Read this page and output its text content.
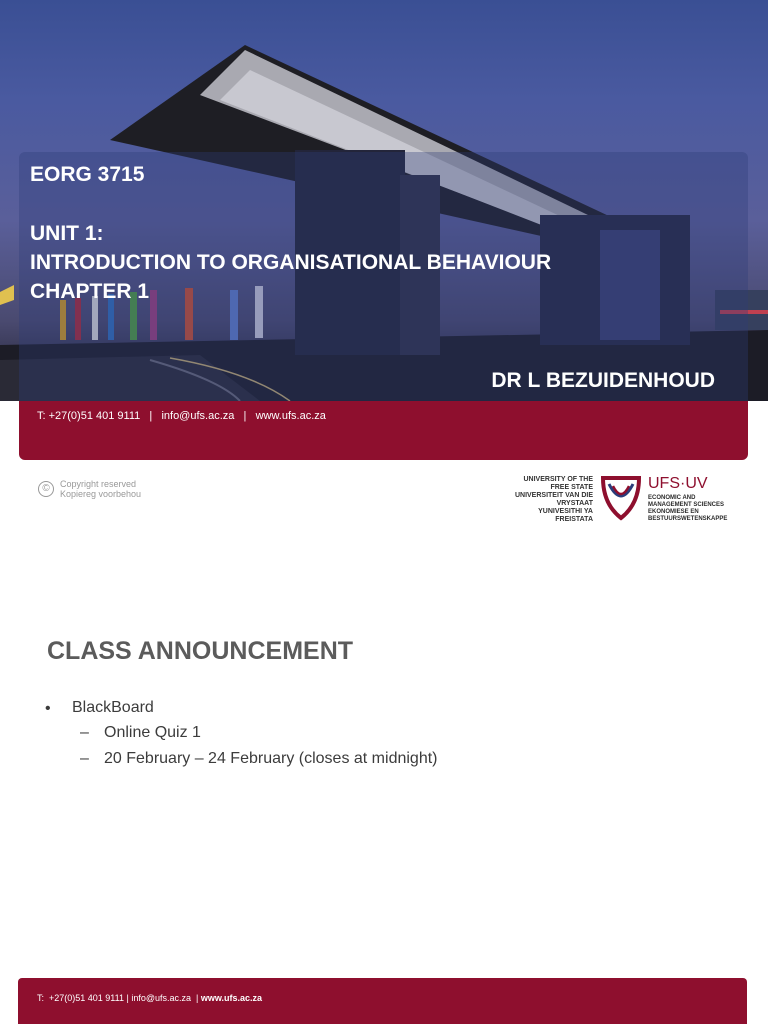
EORG 3715
UNIT 1:
INTRODUCTION TO ORGANISATIONAL BEHAVIOUR
CHAPTER 1
DR L BEZUIDENHOUD
T: +27(0)51 401 9111   |   info@ufs.ac.za   |   www.ufs.ac.za
©	Copyright reserved
Kopiereg voorbehou
UNIVERSITY OF THE
FREE STATE
UNIVERSITEIT VAN DIE
VRYSTAAT
YUNIVESITHI YA
FREISTATA
UFS·UV
ECONOMIC AND
MANAGEMENT SCIENCES
EKONOMIESE EN
BESTUURSWETENSKAPPE
CLASS ANNOUNCEMENT
• BlackBoard
– Online Quiz 1
– 20 February – 24 February (closes at midnight)
T:  +27(0)51 401 9111 | info@ufs.ac.za  | www.ufs.ac.za
